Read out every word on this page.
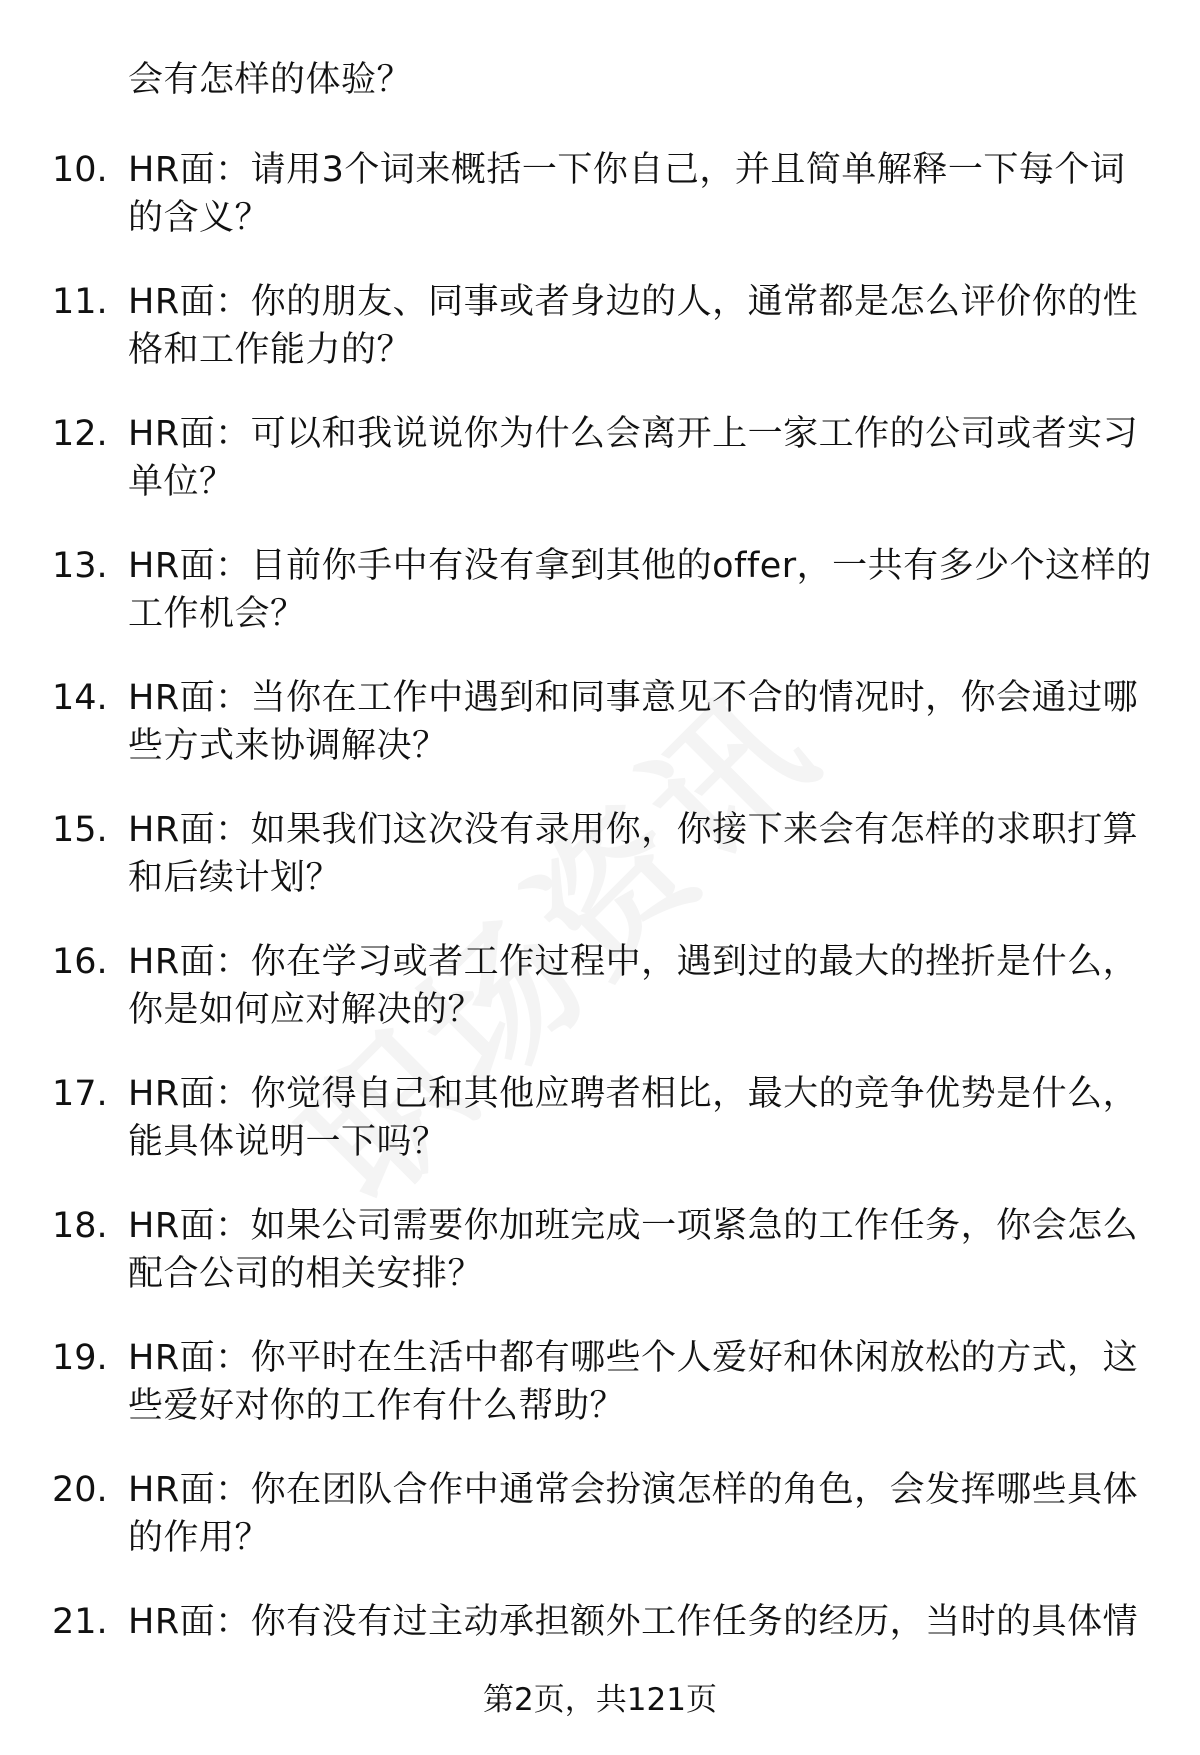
会有怎样的体验？
10. HR面：请用3个词来概括一下你自己，并且简单解释一下每个词的含义？
11. HR面：你的朋友、同事或者身边的人，通常都是怎么评价你的性格和工作能力的？
12. HR面：可以和我说说你为什么会离开上一家工作的公司或者实习单位？
13. HR面：目前你手中有没有拿到其他的offer，一共有多少个这样的工作机会？
14. HR面：当你在工作中遇到和同事意见不合的情况时，你会通过哪些方式来协调解决？
15. HR面：如果我们这次没有录用你，你接下来会有怎样的求职打算和后续计划？
16. HR面：你在学习或者工作过程中，遇到过的最大的挫折是什么，你是如何应对解决的？
17. HR面：你觉得自己和其他应聘者相比，最大的竞争优势是什么，能具体说明一下吗？
18. HR面：如果公司需要你加班完成一项紧急的工作任务，你会怎么配合公司的相关安排？
19. HR面：你平时在生活中都有哪些个人爱好和休闲放松的方式，这些爱好对你的工作有什么帮助？
20. HR面：你在团队合作中通常会扮演怎样的角色，会发挥哪些具体的作用？
21. HR面：你有没有过主动承担额外工作任务的经历，当时的具体情
第2页，共121页
